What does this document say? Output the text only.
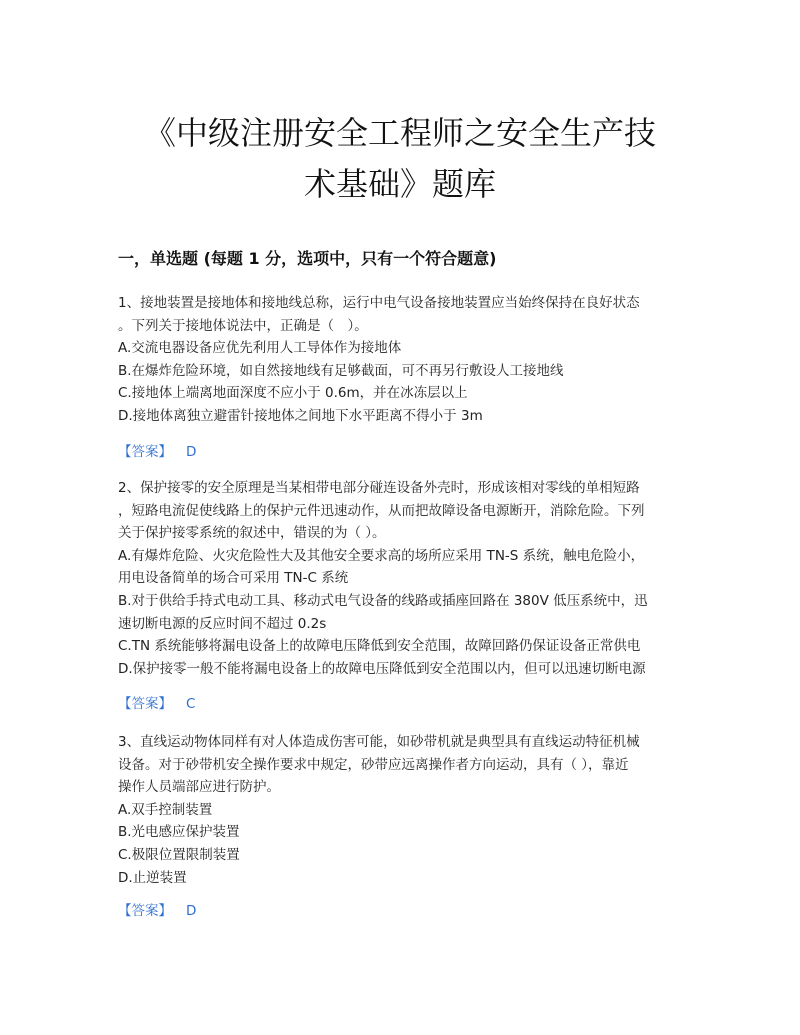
《中级注册安全工程师之安全生产技
术基础》题库
一，单选题 (每题 1 分，选项中，只有一个符合题意)
1、接地装置是接地体和接地线总称，运行中电气设备接地装置应当始终保持在良好状态
。下列关于接地体说法中，正确是（　）。
A.交流电器设备应优先利用人工导体作为接地体
B.在爆炸危险环境，如自然接地线有足够截面，可不再另行敷设人工接地线
C.接地体上端离地面深度不应小于 0.6m，并在冰冻层以上
D.接地体离独立避雷针接地体之间地下水平距离不得小于 3m
【答案】 D
2、保护接零的安全原理是当某相带电部分碰连设备外壳时，形成该相对零线的单相短路
，短路电流促使线路上的保护元件迅速动作，从而把故障设备电源断开，消除危险。下列
关于保护接零系统的叙述中，错误的为（ ）。
A.有爆炸危险、火灾危险性大及其他安全要求高的场所应采用 TN-S 系统，触电危险小，
用电设备简单的场合可采用 TN-C 系统
B.对于供给手持式电动工具、移动式电气设备的线路或插座回路在 380V 低压系统中，迅
速切断电源的反应时间不超过 0.2s
C.TN 系统能够将漏电设备上的故障电压降低到安全范围，故障回路仍保证设备正常供电
D.保护接零一般不能将漏电设备上的故障电压降低到安全范围以内，但可以迅速切断电源
【答案】 C
3、直线运动物体同样有对人体造成伤害可能，如砂带机就是典型具有直线运动特征机械
设备。对于砂带机安全操作要求中规定，砂带应远离操作者方向运动，具有（ ），靠近
操作人员端部应进行防护。
A.双手控制装置
B.光电感应保护装置
C.极限位置限制装置
D.止逆装置
【答案】 D
